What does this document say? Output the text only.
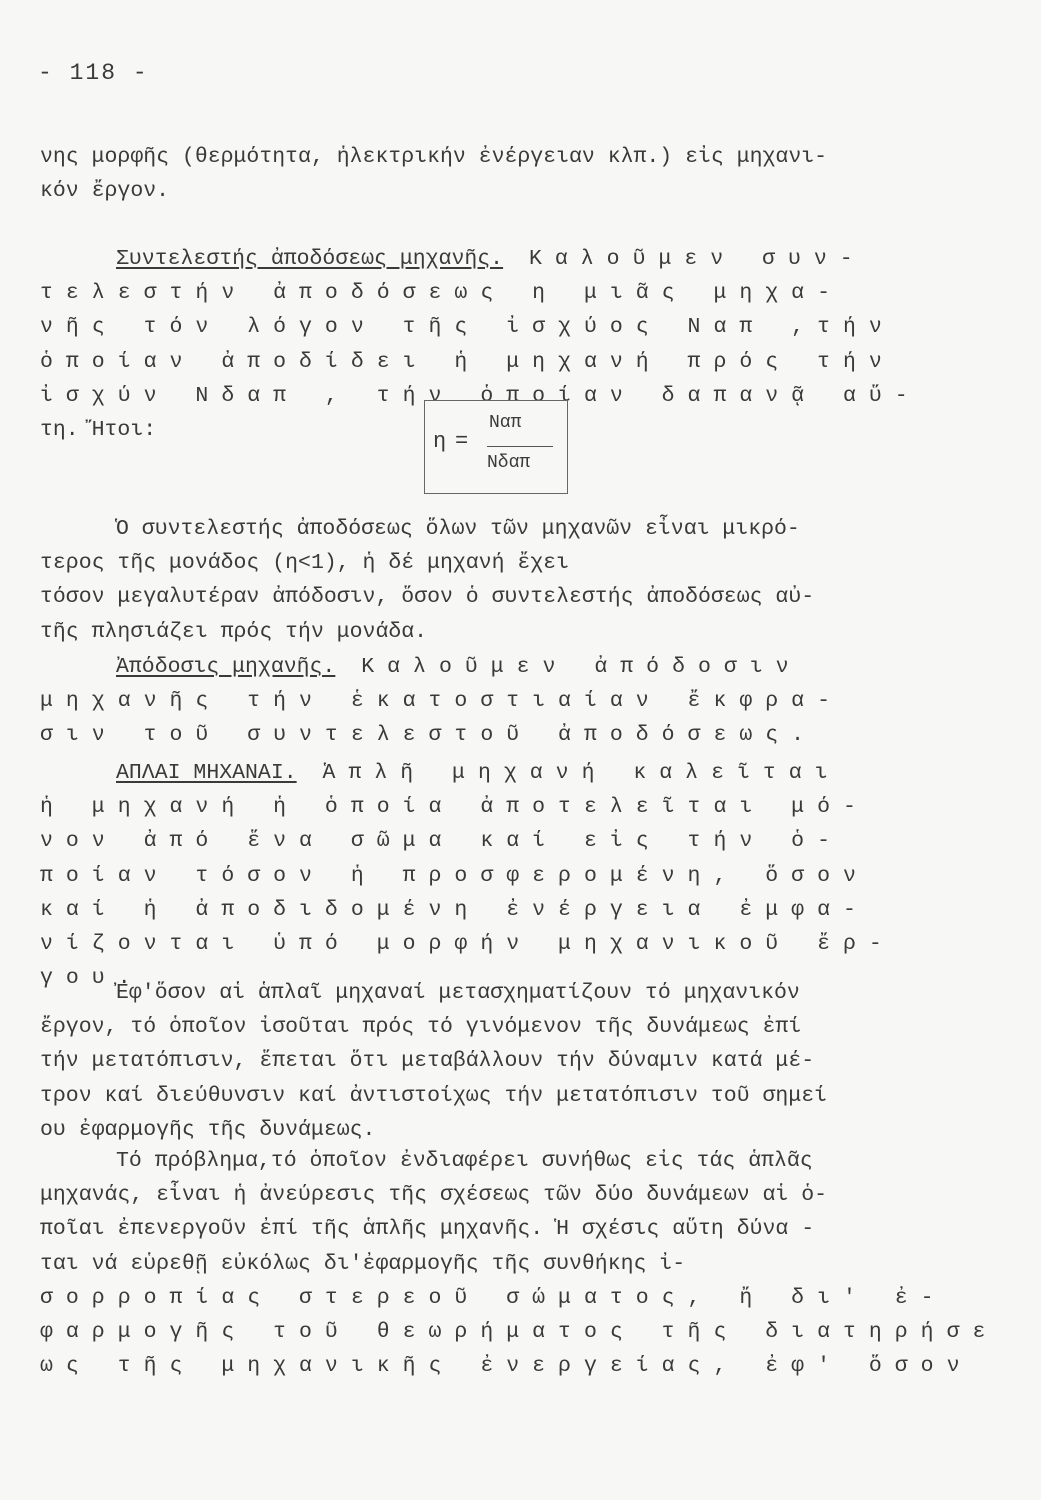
- 118 -
νης μορφῆς (θερμότητα, ἡλεκτρικήν ἐνέργειαν κλπ.) εἰς μηχανι-
κόν ἔργον.
Συντελεστής ἀποδόσεως μηχανῆς. Καλοῦμεν συν-
τελεστήν ἀποδόσεως η μιᾶς μηχα-
νῆς τόν λόγον τῆς ἰσχύος Nαπ ,τήν
ὁποίαν ἀποδίδει ἡ μηχανή πρός τήν
ἰσχύν Nδαπ , τήν ὁποίαν δαπανᾷ αὕ-
τη. Ἤτοι:	η =
Nαπ
Nδαπ
Ὁ συντελεστής ἀποδόσεως ὅλων τῶν μηχανῶν εἶναι μικρό-
τερος τῆς μονάδος (η<1), ἡ δέ μηχανή ἔχει
τόσον μεγαλυτέραν ἀπόδοσιν, ὅσον ὁ συντελεστής ἀποδόσεως αὐ-
τῆς πλησιάζει πρός τήν μονάδα.
Ἀπόδοσις μηχανῆς. Καλοῦμεν ἀπόδοσιν
μηχανῆς τήν ἑκατοστιαίαν ἔκφρα-
σιν τοῦ συντελεστοῦ ἀποδόσεως.
ΑΠΛΑΙ ΜΗΧΑΝΑΙ. Ἁπλῆ μηχανή καλεῖται
ἡ μηχανή ἡ ὁποία ἀποτελεῖται μό-
νον ἀπό ἕνα σῶμα καί εἰς τήν ὁ-
ποίαν τόσον ἡ προσφερομένη, ὅσον
καί ἡ ἀποδιδομένη ἐνέργεια ἐμφα-
νίζονται ὑπό μορφήν μηχανικοῦ ἔρ-
γου.
Ἐφ'ὅσον αἱ ἁπλαῖ μηχαναί μετασχηματίζουν τό μηχανικόν
ἔργον, τό ὁποῖον ἰσοῦται πρός τό γινόμενον τῆς δυνάμεως ἐπί
τήν μετατόπισιν, ἕπεται ὅτι μεταβάλλουν τήν δύναμιν κατά μέ-
τρον καί διεύθυνσιν καί ἀντιστοίχως τήν μετατόπισιν τοῦ σημεί
ου ἐφαρμογῆς τῆς δυνάμεως.
Τό πρόβλημα,τό ὁποῖον ἐνδιαφέρει συνήθως εἰς τάς ἁπλᾶς
μηχανάς, εἶναι ἡ ἀνεύρεσις τῆς σχέσεως τῶν δύο δυνάμεων αἱ ὁ-
ποῖαι ἐπενεργοῦν ἐπί τῆς ἁπλῆς μηχανῆς. Ἡ σχέσις αὕτη δύνα -
ται νά εὑρεθῇ εὐκόλως δι'ἐφαρμογῆς τῆς συνθήκης ἰ-
σορροπίας στερεοῦ σώματος, ἤ δι' ἐ-
φαρμογῆς τοῦ θεωρήματος τῆς διατηρήσε
ως τῆς μηχανικῆς ἐνεργείας, ἐφ' ὅσον
